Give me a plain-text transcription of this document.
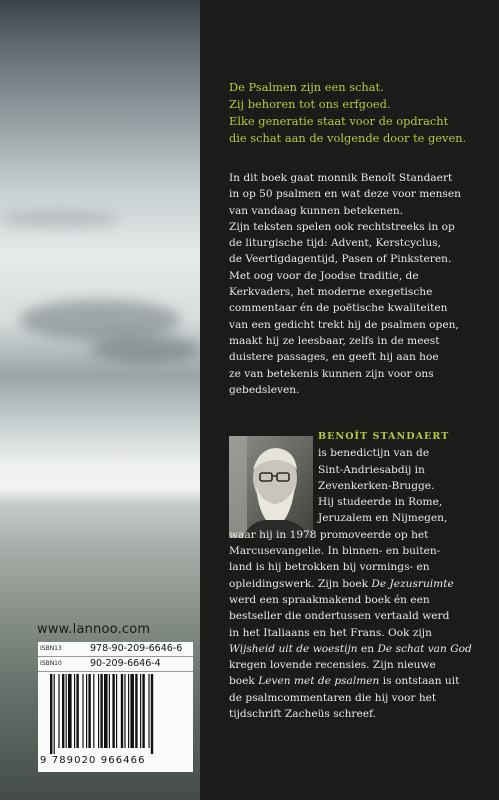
De Psalmen zijn een schat.
Zij behoren tot ons erfgoed.
Elke generatie staat voor de opdracht
die schat aan de volgende door te geven.
In dit boek gaat monnik Benoît Standaert
in op 50 psalmen en wat deze voor mensen
van vandaag kunnen betekenen.
Zijn teksten spelen ook rechtstreeks in op
de liturgische tijd: Advent, Kerstcyclus,
de Veertigdagentijd, Pasen of Pinksteren.
Met oog voor de Joodse traditie, de
Kerkvaders, het moderne exegetische
commentaar én de poëtische kwaliteiten
van een gedicht trekt hij de psalmen open,
maakt hij ze leesbaar, zelfs in de meest
duistere passages, en geeft hij aan hoe
ze van betekenis kunnen zijn voor ons
gebedsleven.
BENOÎT STANDAERT
is benedictijn van de
Sint-Andriesabdij in
Zevenkerken-Brugge.
Hij studeerde in Rome,
Jeruzalem en Nijmegen,
waar hij in 1978 promoveerde op het
Marcusevangelie. In binnen- en buiten-
land is hij betrokken bij vormings- en
opleidingswerk. Zijn boek De Jezusruimte
werd een spraakmakend boek én een
bestseller die ondertussen vertaald werd
in het Italiaans en het Frans. Ook zijn
Wijsheid uit de woestijn en De schat van God
kregen lovende recensies. Zijn nieuwe
boek Leven met de psalmen is ontstaan uit
de psalmcommentaren die hij voor het
tijdschrift Zacheüs schreef.
www.lannoo.com
ISBN13	978-90-209-6646-6
ISBN10	90-209-6646-4
9 789020 966466
